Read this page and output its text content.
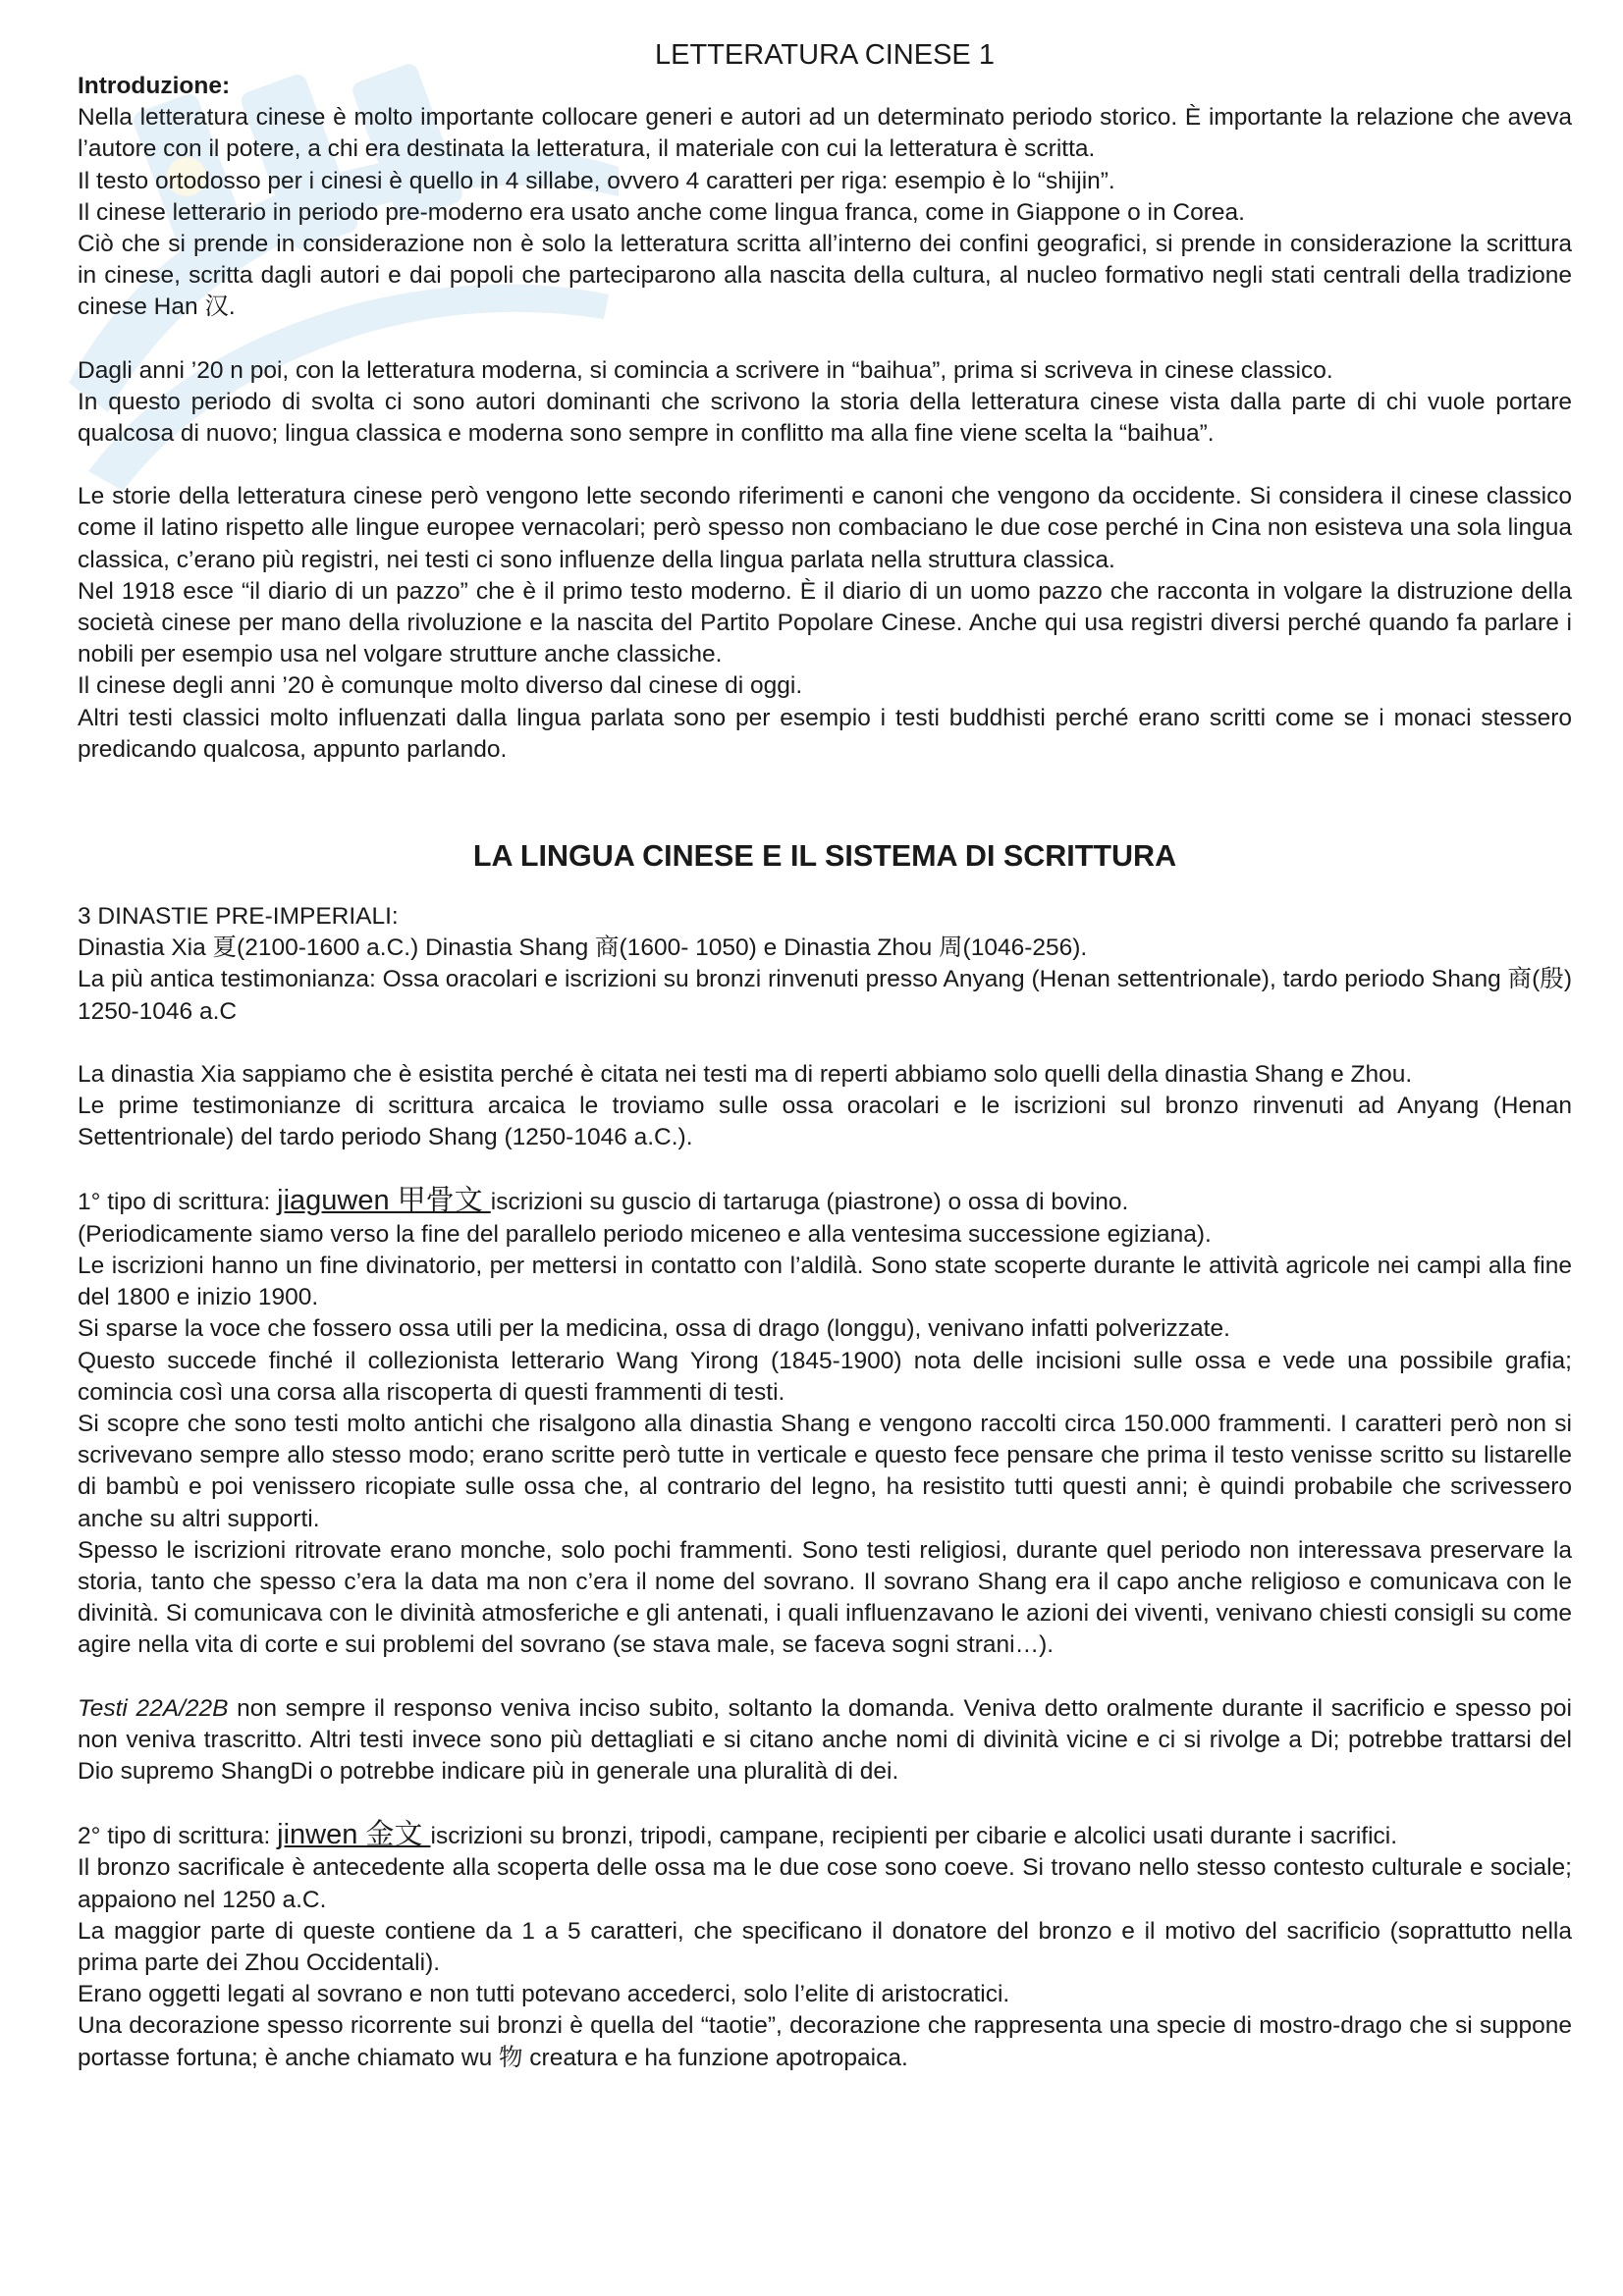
LETTERATURA CINESE 1

Introduzione:

Nella letteratura cinese è molto importante collocare generi e autori ad un determinato periodo storico. È importante la relazione che aveva l’autore con il potere, a chi era destinata la letteratura, il materiale con cui la letteratura è scritta.

Il testo ortodosso per i cinesi è quello in 4 sillabe, ovvero 4 caratteri per riga: esempio è lo “shijin”.

Il cinese letterario in periodo pre-moderno era usato anche come lingua franca, come in Giappone o in Corea.

Ciò che si prende in considerazione non è solo la letteratura scritta all’interno dei confini geografici, si prende in considerazione la scrittura in cinese, scritta dagli autori e dai popoli che parteciparono alla nascita della cultura, al nucleo formativo negli stati centrali della tradizione cinese Han 汉.

Dagli anni ’20 n poi, con la letteratura moderna, si comincia a scrivere in “baihua”, prima si scriveva in cinese classico.

In questo periodo di svolta ci sono autori dominanti che scrivono la storia della letteratura cinese vista dalla parte di chi vuole portare qualcosa di nuovo; lingua classica e moderna sono sempre in conflitto ma alla fine viene scelta la “baihua”.

Le storie della letteratura cinese però vengono lette secondo riferimenti e canoni che vengono da occidente. Si considera il cinese classico come il latino rispetto alle lingue europee vernacolari; però spesso non combaciano le due cose perché in Cina non esisteva una sola lingua classica, c’erano più registri, nei testi ci sono influenze della lingua parlata nella struttura classica.

Nel 1918 esce “il diario di un pazzo” che è il primo testo moderno. È il diario di un uomo pazzo che racconta in volgare la distruzione della società cinese per mano della rivoluzione e la nascita del Partito Popolare Cinese. Anche qui usa registri diversi perché quando fa parlare i nobili per esempio usa nel volgare strutture anche classiche.

Il cinese degli anni ’20 è comunque molto diverso dal cinese di oggi.

Altri testi classici molto influenzati dalla lingua parlata sono per esempio i testi buddhisti perché erano scritti come se i monaci stessero predicando qualcosa, appunto parlando.

LA LINGUA CINESE E IL SISTEMA DI SCRITTURA

3 DINASTIE PRE-IMPERIALI:

Dinastia Xia 夏(2100-1600 a.C.) Dinastia Shang 商(1600- 1050) e Dinastia Zhou 周(1046-256).

La più antica testimonianza: Ossa oracolari e iscrizioni su bronzi rinvenuti presso Anyang (Henan settentrionale), tardo periodo Shang 商(殷) 1250-1046 a.C

La dinastia Xia sappiamo che è esistita perché è citata nei testi ma di reperti abbiamo solo quelli della dinastia Shang e Zhou.

Le prime testimonianze di scrittura arcaica le troviamo sulle ossa oracolari e le iscrizioni sul bronzo rinvenuti ad Anyang (Henan Settentrionale) del tardo periodo Shang (1250-1046 a.C.).

1° tipo di scrittura: jiaguwen 甲骨文 iscrizioni su guscio di tartaruga (piastrone) o ossa di bovino.

(Periodicamente siamo verso la fine del parallelo periodo miceneo e alla ventesima successione egiziana).

Le iscrizioni hanno un fine divinatorio, per mettersi in contatto con l’aldilà. Sono state scoperte durante le attività agricole nei campi alla fine del 1800 e inizio 1900.

Si sparse la voce che fossero ossa utili per la medicina, ossa di drago (longgu), venivano infatti polverizzate.

Questo succede finché il collezionista letterario Wang Yirong (1845-1900) nota delle incisioni sulle ossa e vede una possibile grafia; comincia così una corsa alla riscoperta di questi frammenti di testi.

Si scopre che sono testi molto antichi che risalgono alla dinastia Shang e vengono raccolti circa 150.000 frammenti. I caratteri però non si scrivevano sempre allo stesso modo; erano scritte però tutte in verticale e questo fece pensare che prima il testo venisse scritto su listarelle di bambù e poi venissero ricopiate sulle ossa che, al contrario del legno, ha resistito tutti questi anni; è quindi probabile che scrivessero anche su altri supporti.

Spesso le iscrizioni ritrovate erano monche, solo pochi frammenti. Sono testi religiosi, durante quel periodo non interessava preservare la storia, tanto che spesso c’era la data ma non c’era il nome del sovrano. Il sovrano Shang era il capo anche religioso e comunicava con le divinità. Si comunicava con le divinità atmosferiche e gli antenati, i quali influenzavano le azioni dei viventi, venivano chiesti consigli su come agire nella vita di corte e sui problemi del sovrano (se stava male, se faceva sogni strani…).

Testi 22A/22B non sempre il responso veniva inciso subito, soltanto la domanda. Veniva detto oralmente durante il sacrificio e spesso poi non veniva trascritto. Altri testi invece sono più dettagliati e si citano anche nomi di divinità vicine e ci si rivolge a Di; potrebbe trattarsi del Dio supremo ShangDi o potrebbe indicare più in generale una pluralità di dei.

2° tipo di scrittura: jinwen 金文 iscrizioni su bronzi, tripodi, campane, recipienti per cibarie e alcolici usati durante i sacrifici.

Il bronzo sacrificale è antecedente alla scoperta delle ossa ma le due cose sono coeve. Si trovano nello stesso contesto culturale e sociale; appaiono nel 1250 a.C.

La maggior parte di queste contiene da 1 a 5 caratteri, che specificano il donatore del bronzo e il motivo del sacrificio (soprattutto nella prima parte dei Zhou Occidentali).

Erano oggetti legati al sovrano e non tutti potevano accederci, solo l’elite di aristocratici.

Una decorazione spesso ricorrente sui bronzi è quella del “taotie”, decorazione che rappresenta una specie di mostro-drago che si suppone portasse fortuna; è anche chiamato wu 物 creatura e ha funzione apotropaica.
